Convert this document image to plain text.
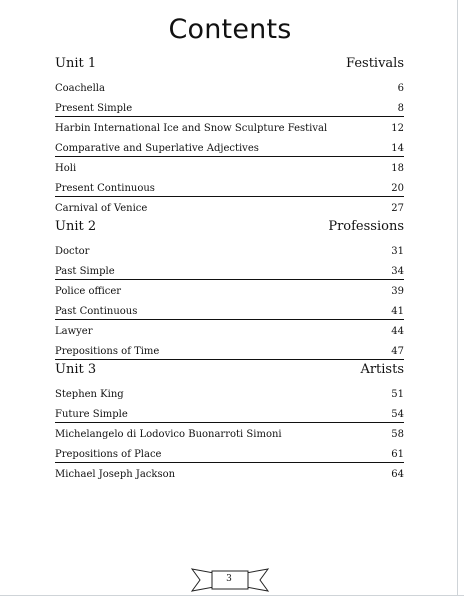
Contents
Unit 1	Festivals
Coachella	6
Present Simple	8
Harbin International Ice and Snow Sculpture Festival	12
Comparative and Superlative Adjectives	14
Holi	18
Present Continuous	20
Carnival of Venice	27
Unit 2	Professions
Doctor	31
Past Simple	34
Police officer	39
Past Continuous	41
Lawyer	44
Prepositions of Time	47
Unit 3	Artists
Stephen King	51
Future Simple	54
Michelangelo di Lodovico Buonarroti Simoni	58
Prepositions of Place	61
Michael Joseph Jackson	64
3
